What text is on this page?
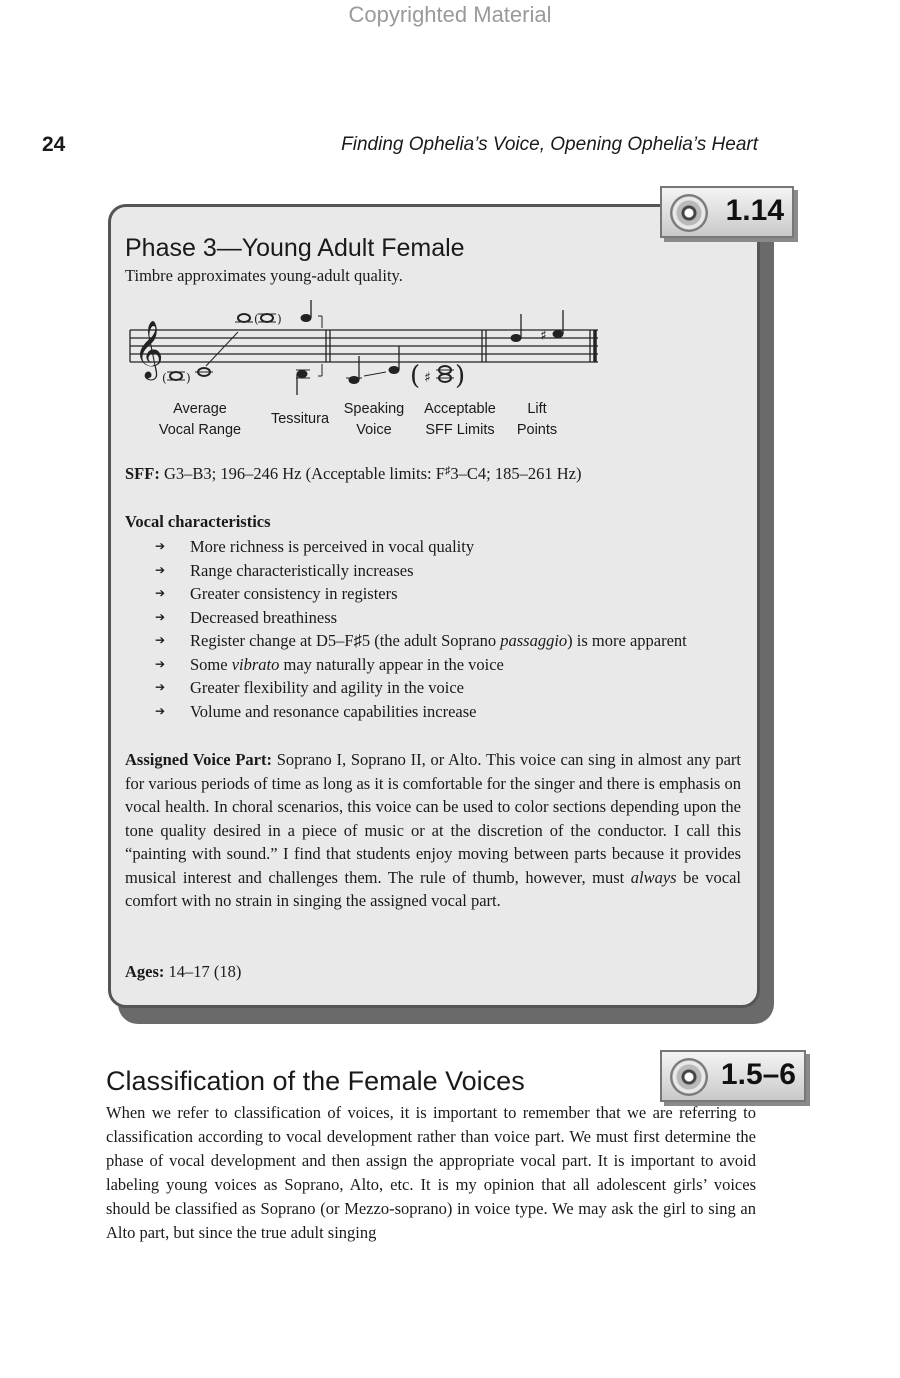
Copyrighted Material
24	Finding Ophelia’s Voice, Opening Ophelia’s Heart
1.14
Phase 3—Young Adult Female
Timbre approximates young-adult quality.
𝄞
( )
( )
( ♯ )
♯
Average
Vocal Range
Tessitura
Speaking
Voice
Acceptable
SFF Limits
Lift
Points
SFF: G3–B3; 196–246 Hz (Acceptable limits: F♯3–C4; 185–261 Hz)
Vocal characteristics
➔ More richness is perceived in vocal quality
➔ Range characteristically increases
➔ Greater consistency in registers
➔ Decreased breathiness
➔ Register change at D5–F♯5 (the adult Soprano passaggio) is more apparent
➔ Some vibrato may naturally appear in the voice
➔ Greater flexibility and agility in the voice
➔ Volume and resonance capabilities increase
Assigned Voice Part: Soprano I, Soprano II, or Alto. This voice can sing in almost any part for various periods of time as long as it is comfortable for the singer and there is emphasis on vocal health. In choral scenarios, this voice can be used to color sections depending upon the tone quality desired in a piece of music or at the discretion of the conductor. I call this “painting with sound.” I find that students enjoy moving between parts because it provides musical interest and challenges them. The rule of thumb, however, must always be vocal comfort with no strain in singing the assigned vocal part.
Ages: 14–17 (18)
Classification of the Female Voices	1.5–6
When we refer to classification of voices, it is important to remember that we are referring to classification according to vocal development rather than voice part. We must first determine the phase of vocal development and then assign the appropriate vocal part. It is important to avoid labeling young voices as Soprano, Alto, etc. It is my opinion that all adolescent girls’ voices should be classified as Soprano (or Mezzo-soprano) in voice type. We may ask the girl to sing an Alto part, but since the true adult singing
